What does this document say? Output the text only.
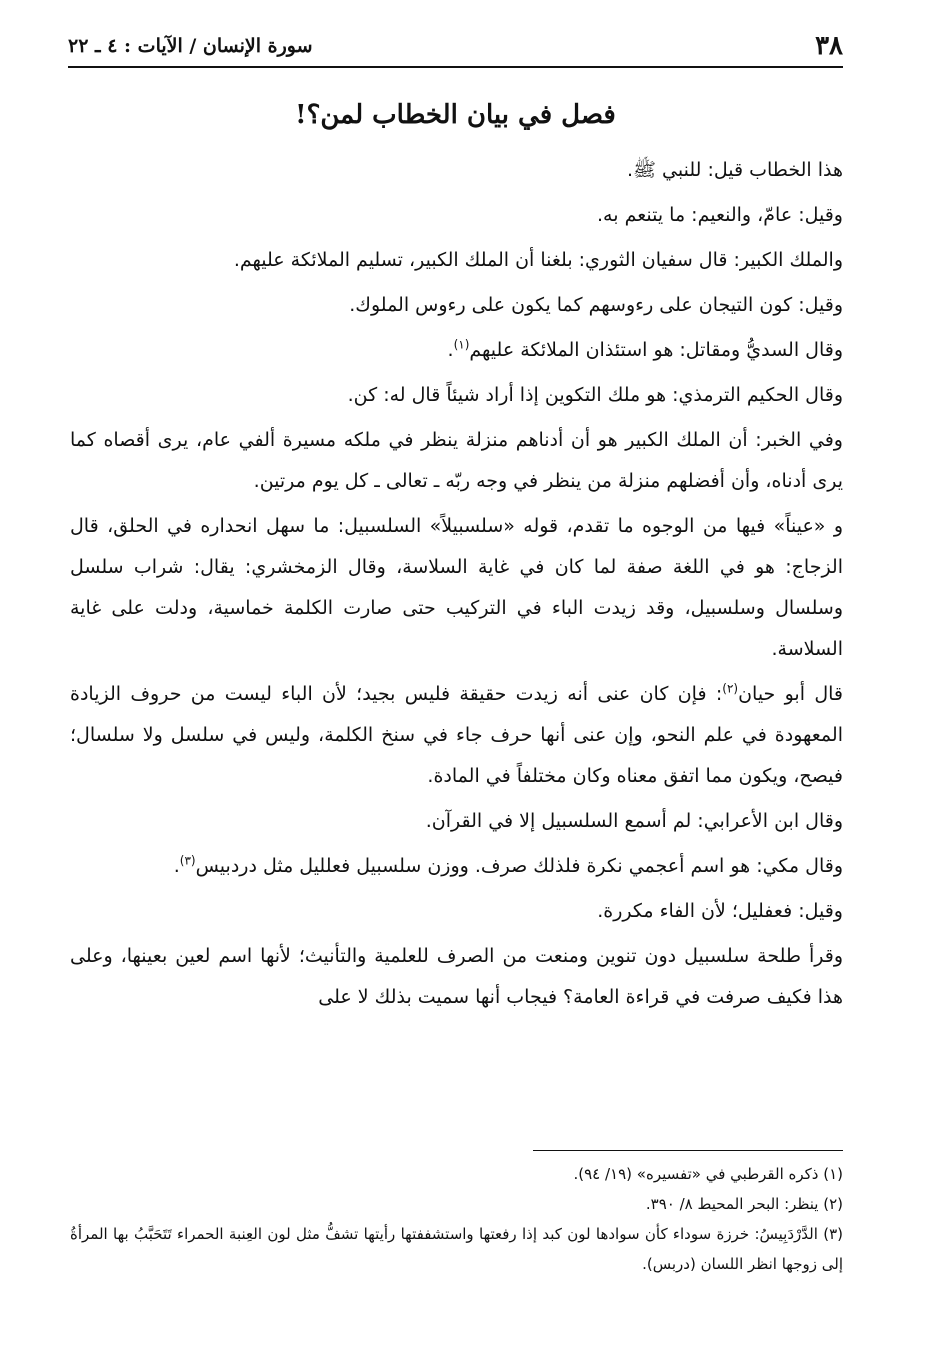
٣٨
سورة الإنسان / الآيات : ٤ ـ ٢٢
فصل في بيان الخطاب لمن؟!

هذا الخطاب قيل: للنبي ﷺ.

وقيل: عامّ، والنعيم: ما يتنعم به.

والملك الكبير: قال سفيان الثوري: بلغنا أن الملك الكبير، تسليم الملائكة عليهم.

وقيل: كون التيجان على رءوسهم كما يكون على رءوس الملوك.

وقال السديُّ ومقاتل: هو استئذان الملائكة عليهم$^{(١)}$.

وقال الحكيم الترمذي: هو ملك التكوين إذا أراد شيئاً قال له: كن.

وفي الخبر: أن الملك الكبير هو أن أدناهم منزلة ينظر في ملكه مسيرة ألفي عام، يرى أقصاه كما يرى أدناه، وأن أفضلهم منزلة من ينظر في وجه ربّه ـ تعالى ـ كل يوم مرتين.

و «عيناً» فيها من الوجوه ما تقدم، قوله «سلسبيلاً» السلسبيل: ما سهل انحداره في الحلق، قال الزجاج: هو في اللغة صفة لما كان في غاية السلاسة، وقال الزمخشري: يقال: شراب سلسل وسلسال وسلسبيل، وقد زيدت الباء في التركيب حتى صارت الكلمة خماسية، ودلت على غاية السلاسة.

قال أبو حيان$^{(٢)}$: فإن كان عنى أنه زيدت حقيقة فليس بجيد؛ لأن الباء ليست من حروف الزيادة المعهودة في علم النحو، وإن عنى أنها حرف جاء في سنخ الكلمة، وليس في سلسل ولا سلسال؛ فيصح، ويكون مما اتفق معناه وكان مختلفاً في المادة.

وقال ابن الأعرابي: لم أسمع السلسبيل إلا في القرآن.

وقال مكي: هو اسم أعجمي نكرة فلذلك صرف. ووزن سلسبيل فعلليل مثل دردبيس$^{(٣)}$.

وقيل: فعفليل؛ لأن الفاء مكررة.

وقرأ طلحة سلسبيل دون تنوين ومنعت من الصرف للعلمية والتأنيث؛ لأنها اسم لعين بعينها، وعلى هذا فكيف صرفت في قراءة العامة؟ فيجاب أنها سميت بذلك لا على

(١) ذكره القرطبي في «تفسيره» (١٩/ ٩٤).

(٢) ينظر: البحر المحيط ٨/ ٣٩٠.

(٣) الدَّرْدَبِيسُ: خرزة سوداء كأن سوادها لون كبد إذا رفعتها واستشففتها رأيتها تشفُّ مثل لون العِنبة الحمراء تَتَحَبَّبُ بها المرأةُ إلى زوجها انظر اللسان (دربس).
